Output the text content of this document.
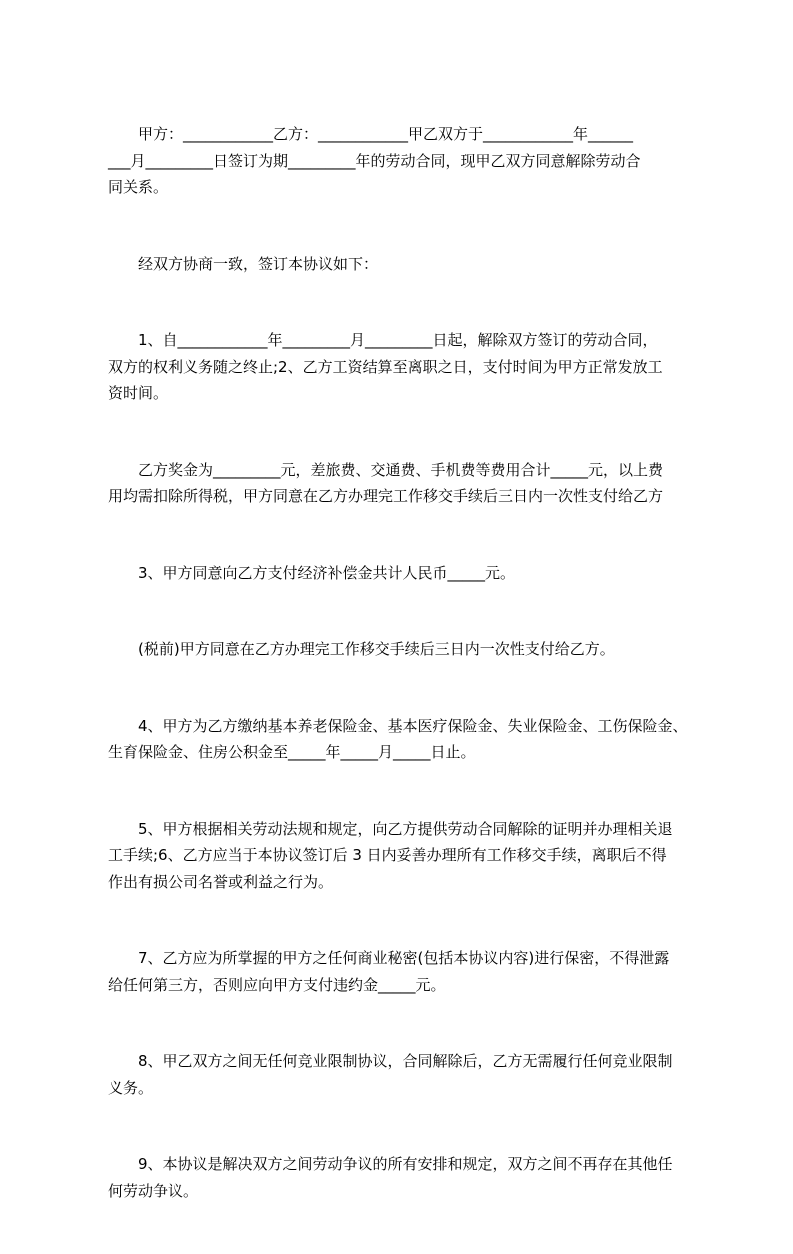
　　甲方：____________乙方：____________甲乙双方于____________年______
___月_________日签订为期_________年的劳动合同，现甲乙双方同意解除劳动合
同关系。
　　经双方协商一致，签订本协议如下：
　　1、自____________年_________月_________日起，解除双方签订的劳动合同，
双方的权利义务随之终止;2、乙方工资结算至离职之日，支付时间为甲方正常发放工
资时间。
　　乙方奖金为_________元，差旅费、交通费、手机费等费用合计_____元，以上费
用均需扣除所得税，甲方同意在乙方办理完工作移交手续后三日内一次性支付给乙方
　　3、甲方同意向乙方支付经济补偿金共计人民币_____元。
　　(税前)甲方同意在乙方办理完工作移交手续后三日内一次性支付给乙方。
　　4、甲方为乙方缴纳基本养老保险金、基本医疗保险金、失业保险金、工伤保险金、
生育保险金、住房公积金至_____年_____月_____日止。
　　5、甲方根据相关劳动法规和规定，向乙方提供劳动合同解除的证明并办理相关退
工手续;6、乙方应当于本协议签订后 3 日内妥善办理所有工作移交手续，离职后不得
作出有损公司名誉或利益之行为。
　　7、乙方应为所掌握的甲方之任何商业秘密(包括本协议内容)进行保密，不得泄露
给任何第三方，否则应向甲方支付违约金_____元。
　　8、甲乙双方之间无任何竞业限制协议，合同解除后，乙方无需履行任何竞业限制
义务。
　　9、本协议是解决双方之间劳动争议的所有安排和规定，双方之间不再存在其他任
何劳动争议。
